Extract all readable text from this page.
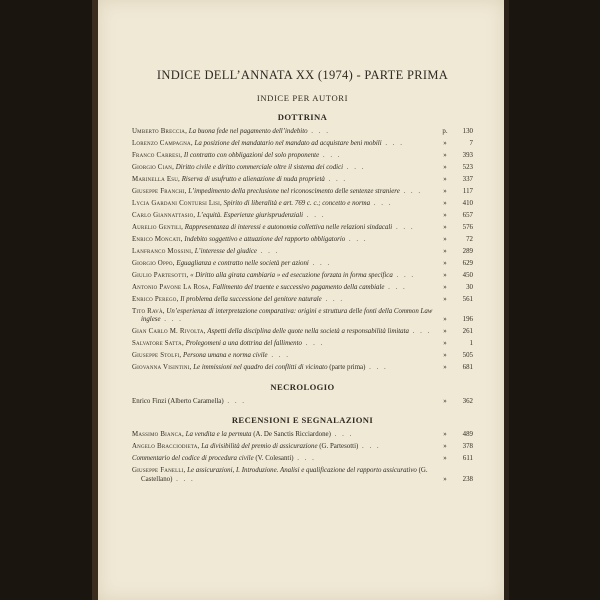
INDICE DELL’ANNATA XX (1974) - PARTE PRIMA
INDICE PER AUTORI
DOTTRINA
Umberto Breccia, La buona fede nel pagamento dell’indebito . . .	p.	130
Lorenzo Campagna, La posizione del mandatario nel mandato ad acquistare beni mobili . . .	»	7
Franco Carresi, Il contratto con obbligazioni del solo proponente . . .	»	393
Giorgio Cian, Diritto civile e diritto commerciale oltre il sistema dei codici . . .	»	523
Marinella Esu, Riserva di usufrutto e alienazione di nuda proprietà . . .	»	337
Giuseppe Franchi, L’impedimento della preclusione nel riconoscimento delle sentenze straniere . . .	»	117
Lycia Gardani Contursi Lisi, Spirito di liberalità e art. 769 c. c.; concetto e norma . . .	»	410
Carlo Giannattasio, L’equità. Esperienze giurisprudenziali . . .	»	657
Aurelio Gentili, Rappresentanza di interessi e autonomia collettiva nelle relazioni sindacali . . .	»	576
Enrico Moncati, Indebito soggettivo e attuazione del rapporto obbligatorio . . .	»	72
Lanfranco Mossini, L’interesse del giudice . . .	»	289
Giorgio Oppo, Eguaglianza e contratto nelle società per azioni . . .	»	629
Giulio Partesotti, « Diritto alla girata cambiaria » ed esecuzione forzata in forma specifica . . .	»	450
Antonio Pavone La Rosa, Fallimento del traente e successivo pagamento della cambiale . . .	»	30
Enrico Perego, Il problema della successione del genitore naturale . . .	»	561
Tito Ravà, Un’esperienza di interpretazione comparativa: origini e struttura delle fonti della Common Law inglese . . .	»	196
Gian Carlo M. Rivolta, Aspetti della disciplina delle quote nella società a responsabilità limitata . . .	»	261
Salvatore Satta, Prolegomeni a una dottrina del fallimento . . .	»	1
Giuseppe Stolfi, Persona umana e norma civile . . .	»	505
Giovanna Visintini, Le immissioni nel quadro dei conflitti di vicinato (parte prima) . . .	»	681
NECROLOGIO
Enrico Finzi (Alberto Caramella) . . .	»	362
RECENSIONI E SEGNALAZIONI
Massimo Bianca, La vendita e la permuta (A. De Sanctis Ricciardone) . . .	»	489
Angelo Bracciodieta, La divisibilità del premio di assicurazione (G. Partesotti) . . .	»	378
Commentario del codice di procedura civile (V. Colesanti) . . .	»	611
Giuseppe Fanelli, Le assicurazioni, I. Introduzione. Analisi e qualificazione del rapporto assicurativo (G. Castellano) . . .	»	238
